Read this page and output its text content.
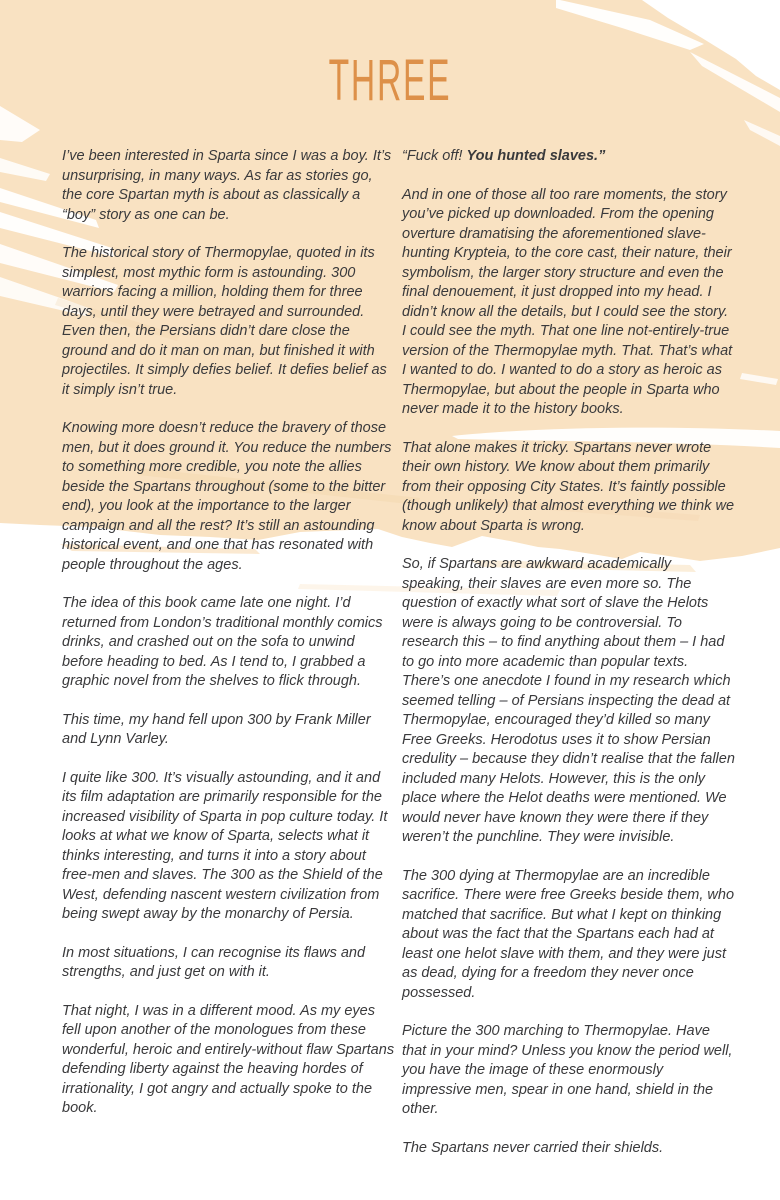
THREE

I’ve been interested in Sparta since I was a boy. It’s unsurprising, in many ways. As far as stories go, the core Spartan myth is about as classically a “boy” story as one can be.

The historical story of Thermopylae, quoted in its simplest, most mythic form is astounding. 300 warriors facing a million, holding them for three days, until they were betrayed and surrounded. Even then, the Persians didn’t dare close the ground and do it man on man, but finished it with projectiles. It simply defies belief. It defies belief as it simply isn’t true.

Knowing more doesn’t reduce the bravery of those men, but it does ground it. You reduce the numbers to something more credible, you note the allies beside the Spartans throughout (some to the bitter end), you look at the importance to the larger campaign and all the rest? It’s still an astounding historical event, and one that has resonated with people throughout the ages.

The idea of this book came late one night. I’d returned from London’s traditional monthly comics drinks, and crashed out on the sofa to unwind before heading to bed. As I tend to, I grabbed a graphic novel from the shelves to flick through.

This time, my hand fell upon 300 by Frank Miller and Lynn Varley.

I quite like 300. It’s visually astounding, and it and its film adaptation are primarily responsible for the increased visibility of Sparta in pop culture today. It looks at what we know of Sparta, selects what it thinks interesting, and turns it into a story about free-men and slaves. The 300 as the Shield of the West, defending nascent western civilization from being swept away by the monarchy of Persia.

In most situations, I can recognise its flaws and strengths, and just get on with it.

That night, I was in a different mood. As my eyes fell upon another of the monologues from these wonderful, heroic and entirely-without flaw Spartans defending liberty against the heaving hordes of irrationality, I got angry and actually spoke to the book.

“Fuck off! You hunted slaves.”

And in one of those all too rare moments, the story you’ve picked up downloaded. From the opening overture dramatising the aforementioned slave-hunting Krypteia, to the core cast, their nature, their symbolism, the larger story structure and even the final denouement, it just dropped into my head. I didn’t know all the details, but I could see the story. I could see the myth. That one line not-entirely-true version of the Thermopylae myth. That. That’s what I wanted to do. I wanted to do a story as heroic as Thermopylae, but about the people in Sparta who never made it to the history books.

That alone makes it tricky. Spartans never wrote their own history. We know about them primarily from their opposing City States. It’s faintly possible (though unlikely) that almost everything we think we know about Sparta is wrong.

So, if Spartans are awkward academically speaking, their slaves are even more so. The question of exactly what sort of slave the Helots were is always going to be controversial. To research this – to find anything about them – I had to go into more academic than popular texts. There’s one anecdote I found in my research which seemed telling – of Persians inspecting the dead at Thermopylae, encouraged they’d killed so many Free Greeks. Herodotus uses it to show Persian credulity – because they didn’t realise that the fallen included many Helots. However, this is the only place where the Helot deaths were mentioned. We would never have known they were there if they weren’t the punchline. They were invisible.

The 300 dying at Thermopylae are an incredible sacrifice. There were free Greeks beside them, who matched that sacrifice. But what I kept on thinking about was the fact that the Spartans each had at least one helot slave with them, and they were just as dead, dying for a freedom they never once possessed.

Picture the 300 marching to Thermopylae. Have that in your mind? Unless you know the period well, you have the image of these enormously impressive men, spear in one hand, shield in the other.

The Spartans never carried their shields.
